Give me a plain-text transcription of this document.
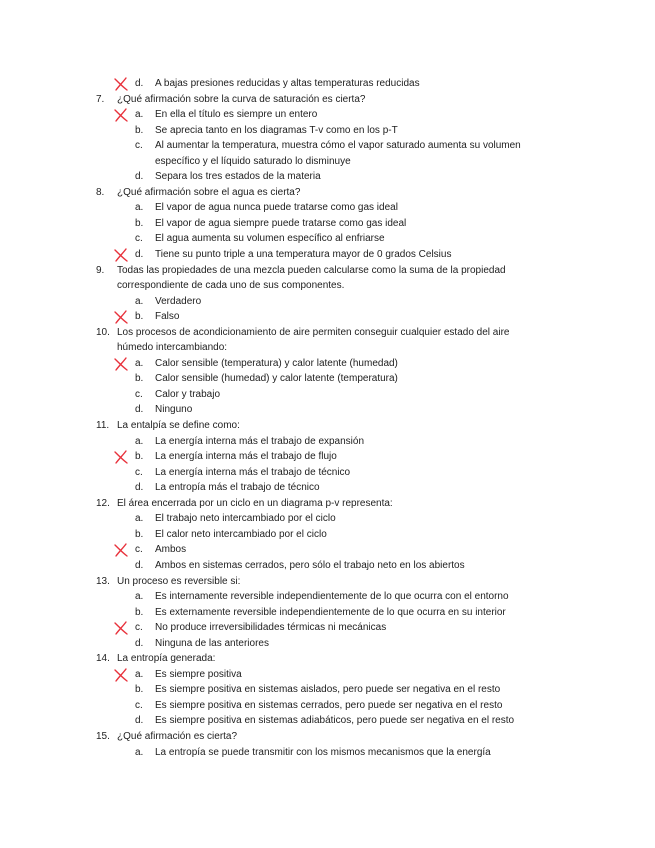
d. A bajas presiones reducidas y altas temperaturas reducidas
7. ¿Qué afirmación sobre la curva de saturación es cierta?
a. En ella el título es siempre un entero
b. Se aprecia tanto en los diagramas T-v como en los p-T
c. Al aumentar la temperatura, muestra cómo el vapor saturado aumenta su volumen
específico y el líquido saturado lo disminuye
d. Separa los tres estados de la materia
8. ¿Qué afirmación sobre el agua es cierta?
a. El vapor de agua nunca puede tratarse como gas ideal
b. El vapor de agua siempre puede tratarse como gas ideal
c. El agua aumenta su volumen específico al enfriarse
d. Tiene su punto triple a una temperatura mayor de 0 grados Celsius
9. Todas las propiedades de una mezcla pueden calcularse como la suma de la propiedad
correspondiente de cada uno de sus componentes.
a. Verdadero
b. Falso
10. Los procesos de acondicionamiento de aire permiten conseguir cualquier estado del aire
húmedo intercambiando:
a. Calor sensible (temperatura) y calor latente (humedad)
b. Calor sensible (humedad) y calor latente (temperatura)
c. Calor y trabajo
d. Ninguno
11. La entalpía se define como:
a. La energía interna más el trabajo de expansión
b. La energía interna más el trabajo de flujo
c. La energía interna más el trabajo de técnico
d. La entropía más el trabajo de técnico
12. El área encerrada por un ciclo en un diagrama p-v representa:
a. El trabajo neto intercambiado por el ciclo
b. El calor neto intercambiado por el ciclo
c. Ambos
d. Ambos en sistemas cerrados, pero sólo el trabajo neto en los abiertos
13. Un proceso es reversible si:
a. Es internamente reversible independientemente de lo que ocurra con el entorno
b. Es externamente reversible independientemente de lo que ocurra en su interior
c. No produce irreversibilidades térmicas ni mecánicas
d. Ninguna de las anteriores
14. La entropía generada:
a. Es siempre positiva
b. Es siempre positiva en sistemas aislados, pero puede ser negativa en el resto
c. Es siempre positiva en sistemas cerrados, pero puede ser negativa en el resto
d. Es siempre positiva en sistemas adiabáticos, pero puede ser negativa en el resto
15. ¿Qué afirmación es cierta?
a. La entropía se puede transmitir con los mismos mecanismos que la energía
